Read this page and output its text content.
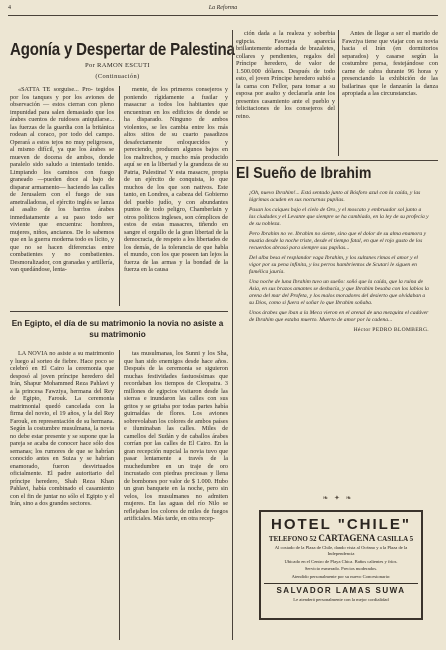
4	La Reforma
Agonía y Despertar de Palestina
Por RAMON ESCUTI
(Continuación)

«SATTA TE sorguise... Pro- tegidos por los tanques y por los aviones de observación — estos cierran con pleno impunidad para salen demasiado que los árabes cuentos de ruidosos aniquilarse... las fuerzas de la guardia con la británica rodean al coraco, por todo del campo. Operará a estos tejos no muy peligrosos, al mismo difícil, ya que los árabes se mueven de docena de ambos, donde paralelo sido saludo a intentado tenido. Limpiando los caminos con fuego graneado —pueden doce al bajo de disparar armamento— haciendo las calles de Jerusalem con el fuego de sus ametralladoras, el ejército inglés se lanza al asalto de los barrios árabes inmediatamente a su paso todo ser viviente que encuentra: hombres, mujeres, niños, ancianos. De lo sabemos que en la guerra moderna todo es lícito, y que no se hacen diferencias entre combatientes y no combatientes. Desmoralizador, con granadas y artillería, van quedándose, lenta-

mente, de los primeros consejeros y poniendo rígidamente a fusilar y masacrar a todos los habitantes que encuentran en los edificios de donde se ha disparado. Ninguno de ambos violentos, se les cambia entre los más altos sitios de su cuarto pasadizos desafectamente enloquecidos y pereciendo, producen algunos bajos en los maltrechos, y mucho más producido aquí se en la libertad y la grandeza de su Patria, Palestina! Y esta masacre, propia de un ejército de conquista, lo que muchos de los que son nativos. Este tanto, en Londres, a cabeza del Gobierno del pueblo judío, y con abundantes puntos de todo peligro, Chamberlain y otros políticos ingleses, son cómplices de estos de estas masacres, tiñendo en sangre el orgullo de la gran libertad de la democracia, de respeto a los libertades de los demás, de la tolerancia de que habla el mundo, con los que poseen tan lejos la fuerza de las armas y la bondad de la fuerza en la causa

ción dada a la realeza y soberbia egipcia. Fawziya aparecía brillantemente adornada de brazaletes, collares y pendientes, regalos del Príncipe heredero, de valor de 1.500.000 dólares. Después de todo esto, el joven Príncipe heredero subió a la cama con Fellor, para tomar a su esposa por asalto y declararla ante los presentes casamiento ante el pueblo y felicitaciones de los consejeros del reino.

Antes de llegar a ser el marido de Fawziya tiene que viajar con su novia hacia el Irán (en dormitorios separados) y casarse según la costumbre persa, festejándose con carne de cabra durante 96 horas y presenciando la exhibición de las bailarinas que le danzarán la danza apropiada a las circunstancias.

En Egipto, el día de su matrimonio la novia no asiste a su matrimonio

LA NOVIA no asiste a su matrimonio y luego al sorteo de fiebre. Hace poco se celebró en El Cairo la ceremonia que desposó al joven príncipe heredero del Irán, Shapur Mohammed Reza Pahlavi y a la princesa Fawziya, hermana del Rey de Egipto, Farouk. La ceremonia matrimonial quedó cancelada con la firma del novio, el 19 años, y la del Rey Farouk, en representación de su hermana. Según la costumbre musulmana, la novia no debe estar presente y se supone que la pareja se acaba de conocer hace sólo dos semanas; los rumores de que se habrían conocido antes en Suiza y se habrían enamorado, fueron desvirtuados oficialmente. El padre autoritario del príncipe heredero, Shah Reza Khan Pahlavi, había combinado el casamiento con el fin de juntar no sólo el Egipto y el Irán, sino a dos grandes sectores.

tas musulmanas, los Sunni y los Sha, que han sido enemigos desde hace años. Después de la ceremonia se siguieron muchas festividades fastuosísimas que recordaban los tiempos de Cleopatra. 3 millones de egipcios visitaron desde las sierras e inundaron las calles con sus gritos y se gritaba por todas partes había guirnaldas de flores. Los aviones sobrevolaban los colores de ambos países e iluminaban las calles. Miles de camellos del Sudán y de caballos árabes corrían por las calles de El Cairo. En la gran recepción nupcial la novia tuvo que pasar lentamente a través de la muchedumbre en un traje de oro incrustado con piedras preciosas y llena de bombones por valor de $ 1.000. Hubo un gran banquete en la noche, pero sin velos, los musulmanes no admiten mujeres. En las aguas del río Nilo se reflejaban los colores de miles de fuegos artificiales. Más tarde, en otra recep-

El Sueño de Ibrahim

¡Oh, nuevo Ibrahim!... Está sentado junto al Bósforo azul con la caída, y las lágrimas acuden en sus nocturnas pupilas.

Pasan los caiques bajo el cielo de Oro, y el moscato y embruador sol junto a las ciudades y el Levante que siempre se ha cambiado, en la ley de su profecía y de su nobleza.

Pero Ibrahim no ve. Ibrahim no siente, sino que el dolor de su alma enamora y mustia desde la noche triste, desde el tiempo fatal, en que el rojo gusto de los recuerdos abrasó para siempre sus pupilas...

Del alba besa el resplandor vaga Ibrahim, y los sultanes rimas el amor y el vigor por su pena infinita, y los perros hambrientos de Scutari le siguen en famélica jauría.

Una noche de luna Ibrahim tuvo un sueño: soñó que la caída, que la ruina de Asia, en sus brazos amantes se deshacía, y que Ibrahim besaba con los labios la arena del mar del Profeta, y los malos moradores del desierto que olvidaban a su Dios, como si fuera el soñar lo que Ibrahim soñaba.

Unos árabes que iban a la Meca vieron en el arenal de una mezquita el cadáver de Ibrahim que estaba muerto. Muerto de amor por la cadena...

Héctor PEDRO BLOMBERG.
❧ ✦ ❧
HOTEL "CHILE"
TELEFONO 52 CARTAGENA CASILLA 5
Al costado de la Plaza de Chile, dando vista al Océano y a la Plaza de la Independencia
Ubicado en el Centro de Playa Chica. Baños calientes y fríos.
Servicio esmerado. Precios moderados.
Atendido personalmente por su nuevo Concesionario:
SALVADOR LAMAS SUWA
Le atenderá personalmente con la mejor cordialidad
